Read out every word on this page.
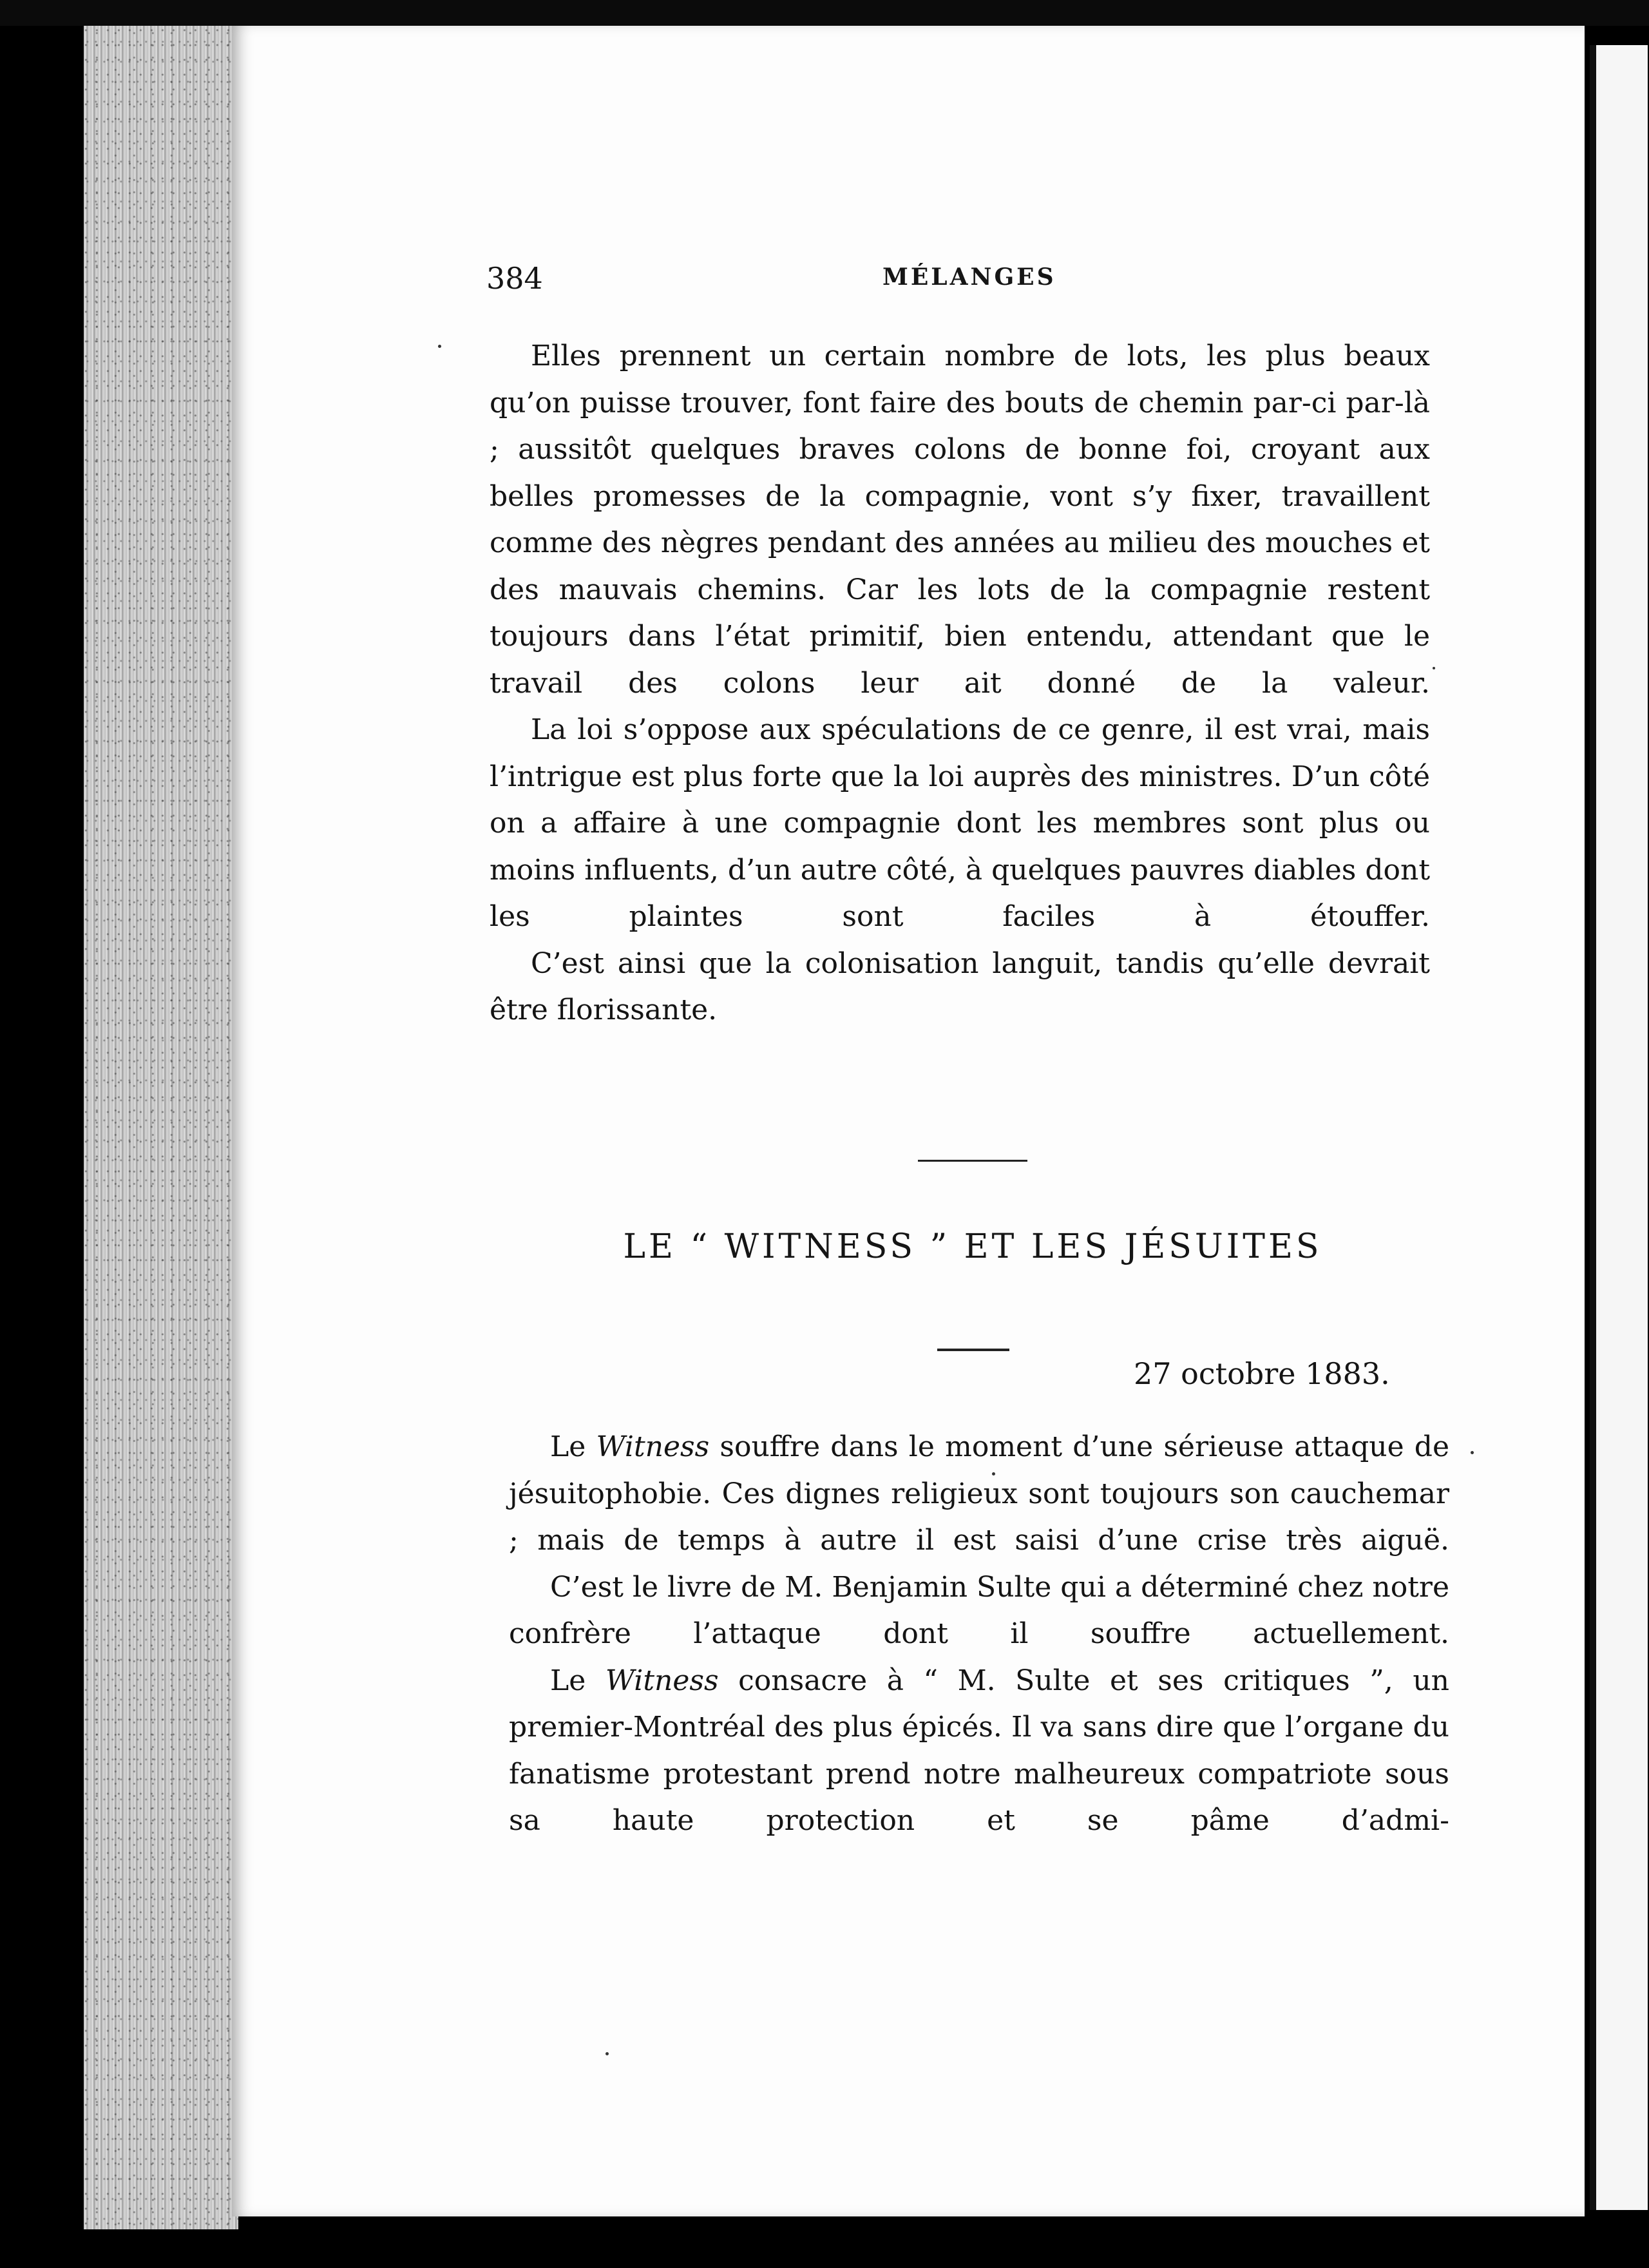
384	MÉLANGES

Elles prennent un certain nombre de lots, les plus beaux qu’on puisse trouver, font faire des bouts de chemin par-ci par-là ; aussitôt quelques braves colons de bonne foi, croyant aux belles promesses de la compagnie, vont s’y fixer, travaillent comme des nègres pendant des années au milieu des mouches et des mauvais chemins. Car les lots de la compagnie restent toujours dans l’état primitif, bien entendu, attendant que le travail des colons leur ait donné de la valeur.

La loi s’oppose aux spéculations de ce genre, il est vrai, mais l’intrigue est plus forte que la loi auprès des ministres. D’un côté on a affaire à une compagnie dont les membres sont plus ou moins influents, d’un autre côté, à quelques pauvres diables dont les plaintes sont faciles à étouffer.

C’est ainsi que la colonisation languit, tandis qu’elle devrait être florissante.

LE “ WITNESS ” ET LES JÉSUITES
27 octobre 1883.

Le Witness souffre dans le moment d’une sérieuse attaque de jésuitophobie. Ces dignes religieux sont toujours son cauchemar ; mais de temps à autre il est saisi d’une crise très aiguë.

C’est le livre de M. Benjamin Sulte qui a déterminé chez notre confrère l’attaque dont il souffre actuellement.

Le Witness consacre à “ M. Sulte et ses critiques ”, un premier-Montréal des plus épicés. Il va sans dire que l’organe du fanatisme protestant prend notre malheureux compatriote sous sa haute protection et se pâme d’admi-
